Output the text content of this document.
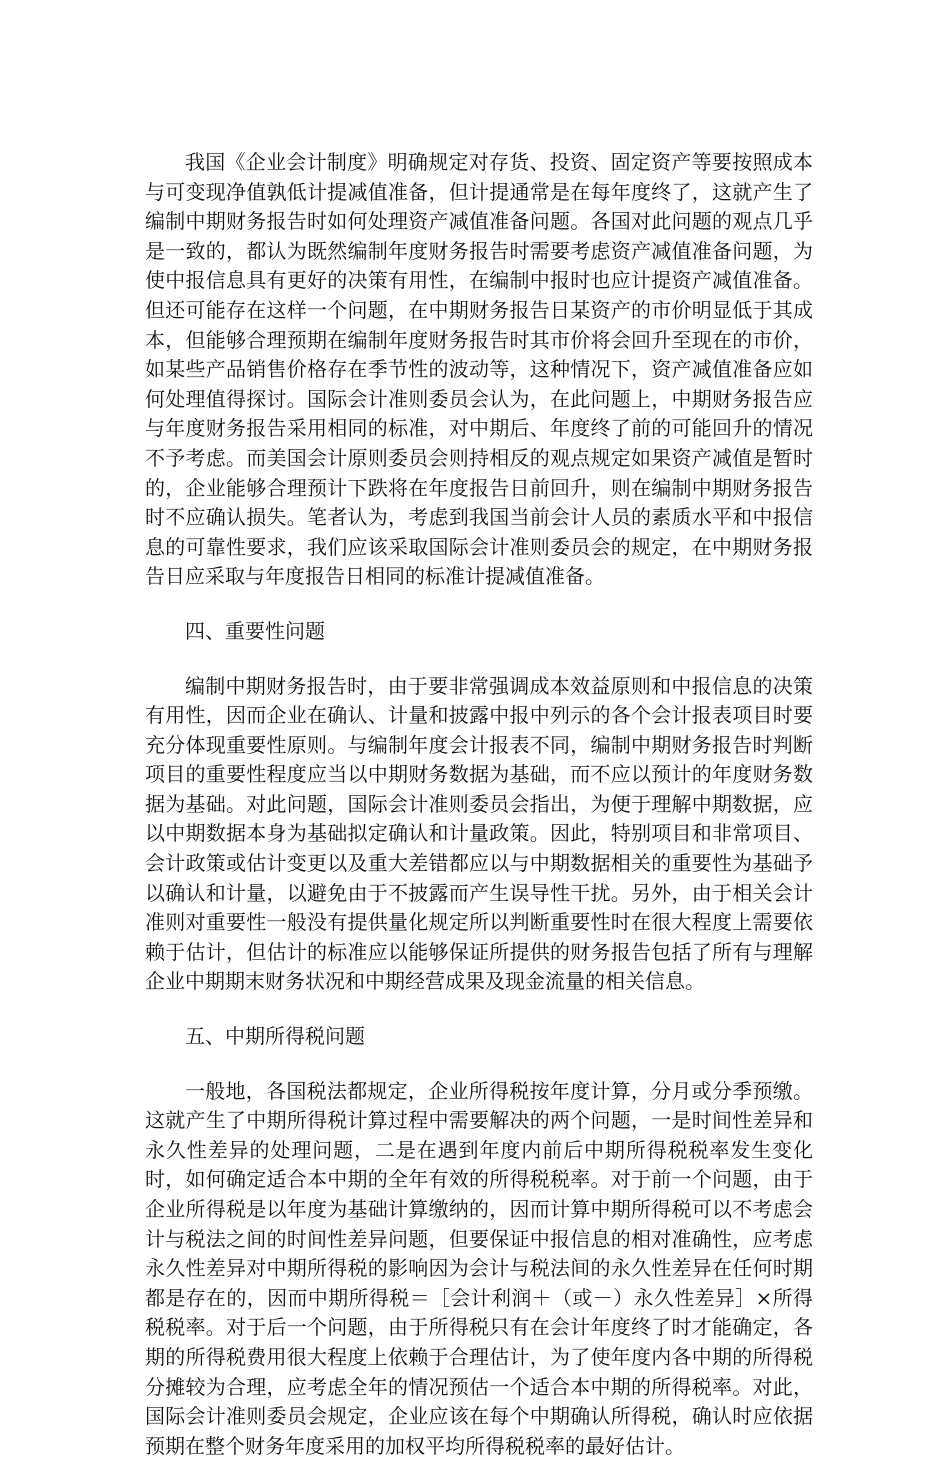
我国《企业会计制度》明确规定对存货、投资、固定资产等要按照成本与可变现净值孰低计提减值准备，但计提通常是在每年度终了，这就产生了编制中期财务报告时如何处理资产减值准备问题。各国对此问题的观点几乎是一致的，都认为既然编制年度财务报告时需要考虑资产减值准备问题，为使中报信息具有更好的决策有用性，在编制中报时也应计提资产减值准备。但还可能存在这样一个问题，在中期财务报告日某资产的市价明显低于其成本，但能够合理预期在编制年度财务报告时其市价将会回升至现在的市价，如某些产品销售价格存在季节性的波动等，这种情况下，资产减值准备应如何处理值得探讨。国际会计准则委员会认为，在此问题上，中期财务报告应与年度财务报告采用相同的标准，对中期后、年度终了前的可能回升的情况不予考虑。而美国会计原则委员会则持相反的观点规定如果资产减值是暂时的，企业能够合理预计下跌将在年度报告日前回升，则在编制中期财务报告时不应确认损失。笔者认为，考虑到我国当前会计人员的素质水平和中报信息的可靠性要求，我们应该采取国际会计准则委员会的规定，在中期财务报告日应采取与年度报告日相同的标准计提减值准备。

四、重要性问题

编制中期财务报告时，由于要非常强调成本效益原则和中报信息的决策有用性，因而企业在确认、计量和披露中报中列示的各个会计报表项目时要充分体现重要性原则。与编制年度会计报表不同，编制中期财务报告时判断项目的重要性程度应当以中期财务数据为基础，而不应以预计的年度财务数据为基础。对此问题，国际会计准则委员会指出，为便于理解中期数据，应以中期数据本身为基础拟定确认和计量政策。因此，特别项目和非常项目、会计政策或估计变更以及重大差错都应以与中期数据相关的重要性为基础予以确认和计量，以避免由于不披露而产生误导性干扰。另外，由于相关会计准则对重要性一般没有提供量化规定所以判断重要性时在很大程度上需要依赖于估计，但估计的标准应以能够保证所提供的财务报告包括了所有与理解企业中期期末财务状况和中期经营成果及现金流量的相关信息。

五、中期所得税问题

一般地，各国税法都规定，企业所得税按年度计算，分月或分季预缴。这就产生了中期所得税计算过程中需要解决的两个问题，一是时间性差异和永久性差异的处理问题，二是在遇到年度内前后中期所得税税率发生变化时，如何确定适合本中期的全年有效的所得税税率。对于前一个问题，由于企业所得税是以年度为基础计算缴纳的，因而计算中期所得税可以不考虑会计与税法之间的时间性差异问题，但要保证中报信息的相对准确性，应考虑永久性差异对中期所得税的影响因为会计与税法间的永久性差异在任何时期都是存在的，因而中期所得税＝［会计利润＋（或－）永久性差异］×所得税税率。对于后一个问题，由于所得税只有在会计年度终了时才能确定，各期的所得税费用很大程度上依赖于合理估计，为了使年度内各中期的所得税分摊较为合理，应考虑全年的情况预估一个适合本中期的所得税率。对此，国际会计准则委员会规定，企业应该在每个中期确认所得税，确认时应依据预期在整个财务年度采用的加权平均所得税税率的最好估计。
